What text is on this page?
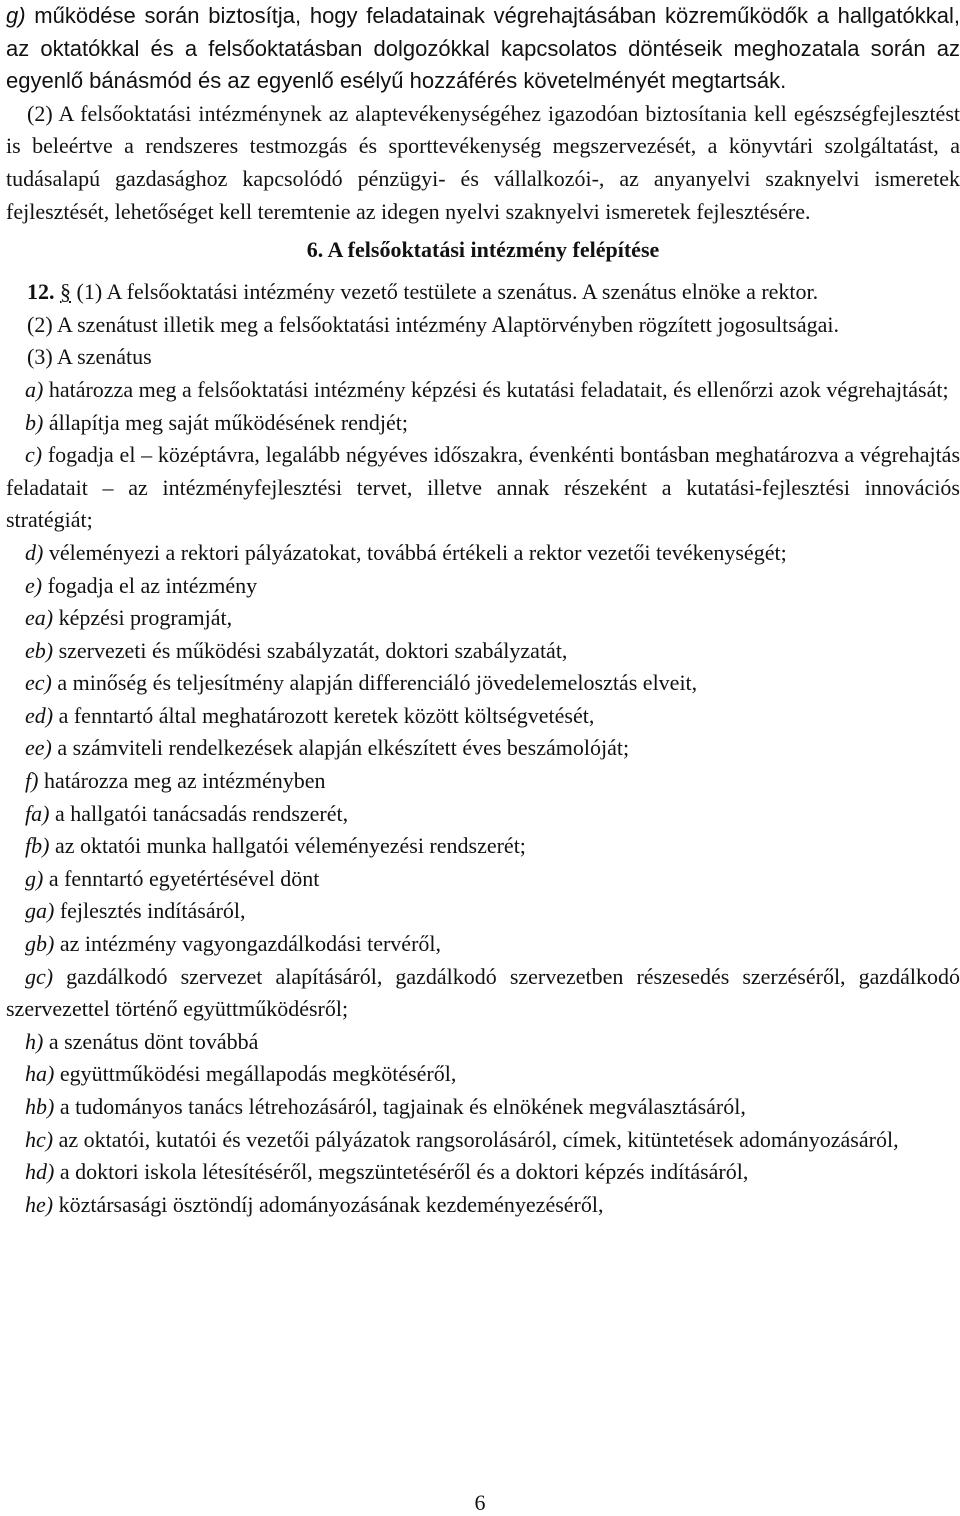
g) működése során biztosítja, hogy feladatainak végrehajtásában közreműködők a hallgatókkal, az oktatókkal és a felsőoktatásban dolgozókkal kapcsolatos döntéseik meghozatala során az egyenlő bánásmód és az egyenlő esélyű hozzáférés követelményét megtartsák.

(2) A felsőoktatási intézménynek az alaptevékenységéhez igazodóan biztosítania kell egészségfejlesztést is beleértve a rendszeres testmozgás és sporttevékenység megszervezését, a könyvtári szolgáltatást, a tudásalapú gazdasághoz kapcsolódó pénzügyi- és vállalkozói-, az anyanyelvi szaknyelvi ismeretek fejlesztését, lehetőséget kell teremtenie az idegen nyelvi szaknyelvi ismeretek fejlesztésére.

6. A felsőoktatási intézmény felépítése

12. § (1) A felsőoktatási intézmény vezető testülete a szenátus. A szenátus elnöke a rektor.

(2) A szenátust illetik meg a felsőoktatási intézmény Alaptörvényben rögzített jogosultságai.

(3) A szenátus

a) határozza meg a felsőoktatási intézmény képzési és kutatási feladatait, és ellenőrzi azok végrehajtását;

b) állapítja meg saját működésének rendjét;

c) fogadja el – középtávra, legalább négyéves időszakra, évenkénti bontásban meghatározva a végrehajtás feladatait – az intézményfejlesztési tervet, illetve annak részeként a kutatási-fejlesztési innovációs stratégiát;

d) véleményezi a rektori pályázatokat, továbbá értékeli a rektor vezetői tevékenységét;

e) fogadja el az intézmény

ea) képzési programját,

eb) szervezeti és működési szabályzatát, doktori szabályzatát,

ec) a minőség és teljesítmény alapján differenciáló jövedelemelosztás elveit,

ed) a fenntartó által meghatározott keretek között költségvetését,

ee) a számviteli rendelkezések alapján elkészített éves beszámolóját;

f) határozza meg az intézményben

fa) a hallgatói tanácsadás rendszerét,

fb) az oktatói munka hallgatói véleményezési rendszerét;

g) a fenntartó egyetértésével dönt

ga) fejlesztés indításáról,

gb) az intézmény vagyongazdálkodási tervéről,

gc) gazdálkodó szervezet alapításáról, gazdálkodó szervezetben részesedés szerzéséről, gazdálkodó szervezettel történő együttműködésről;

h) a szenátus dönt továbbá

ha) együttműködési megállapodás megkötéséről,

hb) a tudományos tanács létrehozásáról, tagjainak és elnökének megválasztásáról,

hc) az oktatói, kutatói és vezetői pályázatok rangsorolásáról, címek, kitüntetések adományozásáról,

hd) a doktori iskola létesítéséről, megszüntetéséről és a doktori képzés indításáról,

he) köztársasági ösztöndíj adományozásának kezdeményezéséről,

6
